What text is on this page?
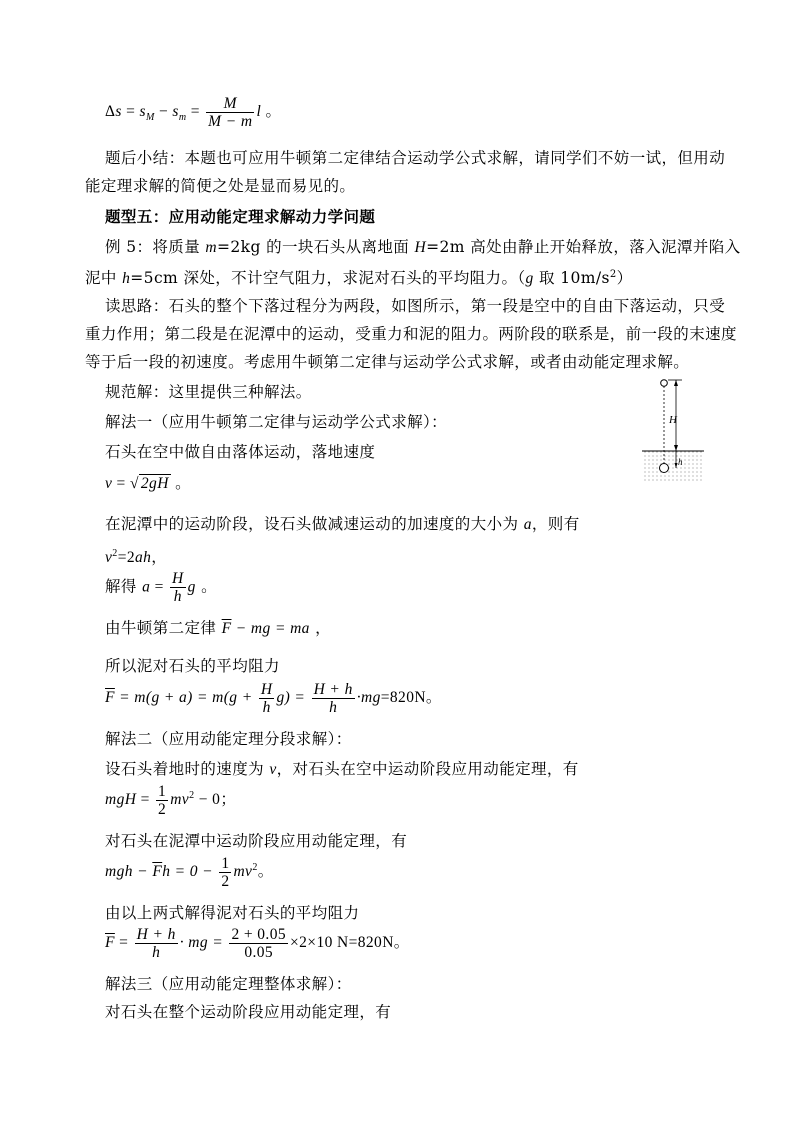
$\Delta s = s_M - s_m = \frac{M}{M - m}$ l 。
题后小结：本题也可应用牛顿第二定律结合运动学公式求解，请同学们不妨一试，但用动
能定理求解的简便之处是显而易见的。
题型五：应用动能定理求解动力学问题
例 5：将质量 m=2kg 的一块石头从离地面 H=2m 高处由静止开始释放，落入泥潭并陷入
泥中 h=5cm 深处，不计空气阻力，求泥对石头的平均阻力。（g 取 $10m/s^2$）
读思路：石头的整个下落过程分为两段，如图所示，第一段是空中的自由下落运动，只受
重力作用；第二段是在泥潭中的运动，受重力和泥的阻力。两阶段的联系是，前一段的末速度
等于后一段的初速度。考虑用牛顿第二定律与运动学公式求解，或者由动能定理求解。
规范解：这里提供三种解法。
解法一（应用牛顿第二定律与运动学公式求解）：
石头在空中做自由落体运动，落地速度
v = √ 2gH 。
在泥潭中的运动阶段，设石头做减速运动的加速度的大小为 a，则有
$v^2=2ah$，
解得 $a = \frac{H}{h}$ g 。
由牛顿第二定律 $\overline{F}$ − mg = ma ，
所以泥对石头的平均阻力
$\overline{F} = m(g + a) = m(g + \frac{H}{h} g) = \frac{H + h}{h} \cdot mg=820N$。
解法二（应用动能定理分段求解）：
设石头着地时的速度为 v，对石头在空中运动阶段应用动能定理，有
mgH = $\frac{1}{2} mv^2 - 0$；
对石头在泥潭中运动阶段应用动能定理，有
mgh − $\overline{F}h = 0 - \frac{1}{2} mv^2$。
由以上两式解得泥对石头的平均阻力
$\overline{F} = \frac{H + h}{h}$ · mg = $\frac{2 + 0.05}{0.05} \times 2\times 10$ N=820N。
解法三（应用动能定理整体求解）：
对石头在整个运动阶段应用动能定理，有
H
h
